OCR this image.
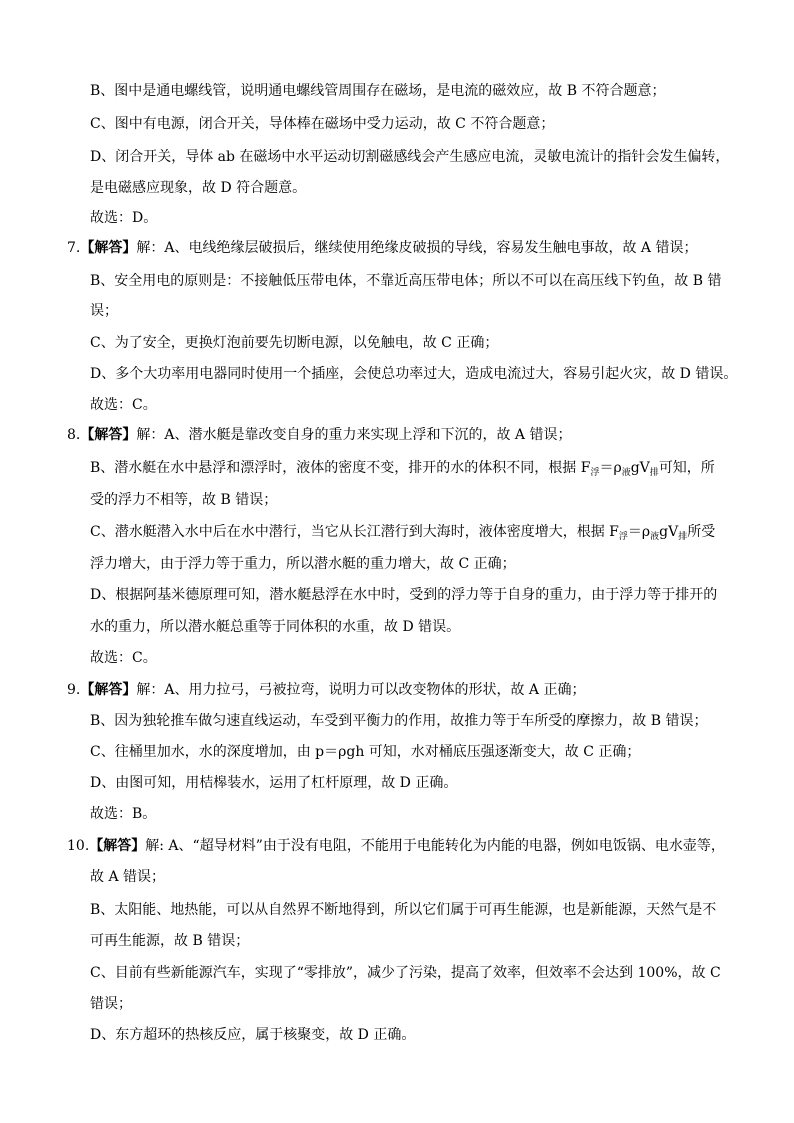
B、图中是通电螺线管，说明通电螺线管周围存在磁场，是电流的磁效应，故 B 不符合题意；
C、图中有电源，闭合开关，导体棒在磁场中受力运动，故 C 不符合题意；
D、闭合开关，导体 ab 在磁场中水平运动切割磁感线会产生感应电流，灵敏电流计的指针会发生偏转，
是电磁感应现象，故 D 符合题意。
故选：D。
7.【解答】解：A、电线绝缘层破损后，继续使用绝缘皮破损的导线，容易发生触电事故，故 A 错误；
B、安全用电的原则是：不接触低压带电体，不靠近高压带电体；所以不可以在高压线下钓鱼，故 B 错
误；
C、为了安全，更换灯泡前要先切断电源，以免触电，故 C 正确；
D、多个大功率用电器同时使用一个插座，会使总功率过大，造成电流过大，容易引起火灾，故 D 错误。
故选：C。
8.【解答】解：A、潜水艇是靠改变自身的重力来实现上浮和下沉的，故 A 错误；
B、潜水艇在水中悬浮和漂浮时，液体的密度不变，排开的水的体积不同，根据 $F_浮=\rho_液gV_排$可知，所
受的浮力不相等，故 B 错误；
C、潜水艇潜入水中后在水中潜行，当它从长江潜行到大海时，液体密度增大，根据 $F_浮=\rho_液gV_排$所受
浮力增大，由于浮力等于重力，所以潜水艇的重力增大，故 C 正确；
D、根据阿基米德原理可知，潜水艇悬浮在水中时，受到的浮力等于自身的重力，由于浮力等于排开的
水的重力，所以潜水艇总重等于同体积的水重，故 D 错误。
故选：C。
9.【解答】解：A、用力拉弓，弓被拉弯，说明力可以改变物体的形状，故 A 正确；
B、因为独轮推车做匀速直线运动，车受到平衡力的作用，故推力等于车所受的摩擦力，故 B 错误；
C、往桶里加水，水的深度增加，由 p＝ρgh 可知，水对桶底压强逐渐变大，故 C 正确；
D、由图可知，用桔槔装水，运用了杠杆原理，故 D 正确。
故选：B。
10.【解答】解: A、“超导材料”由于没有电阻，不能用于电能转化为内能的电器，例如电饭锅、电水壶等，
故 A 错误；
B、太阳能、地热能，可以从自然界不断地得到，所以它们属于可再生能源，也是新能源，天然气是不
可再生能源，故 B 错误；
C、目前有些新能源汽车，实现了“零排放”，减少了污染，提高了效率，但效率不会达到 100%，故 C
错误；
D、东方超环的热核反应，属于核聚变，故 D 正确。
